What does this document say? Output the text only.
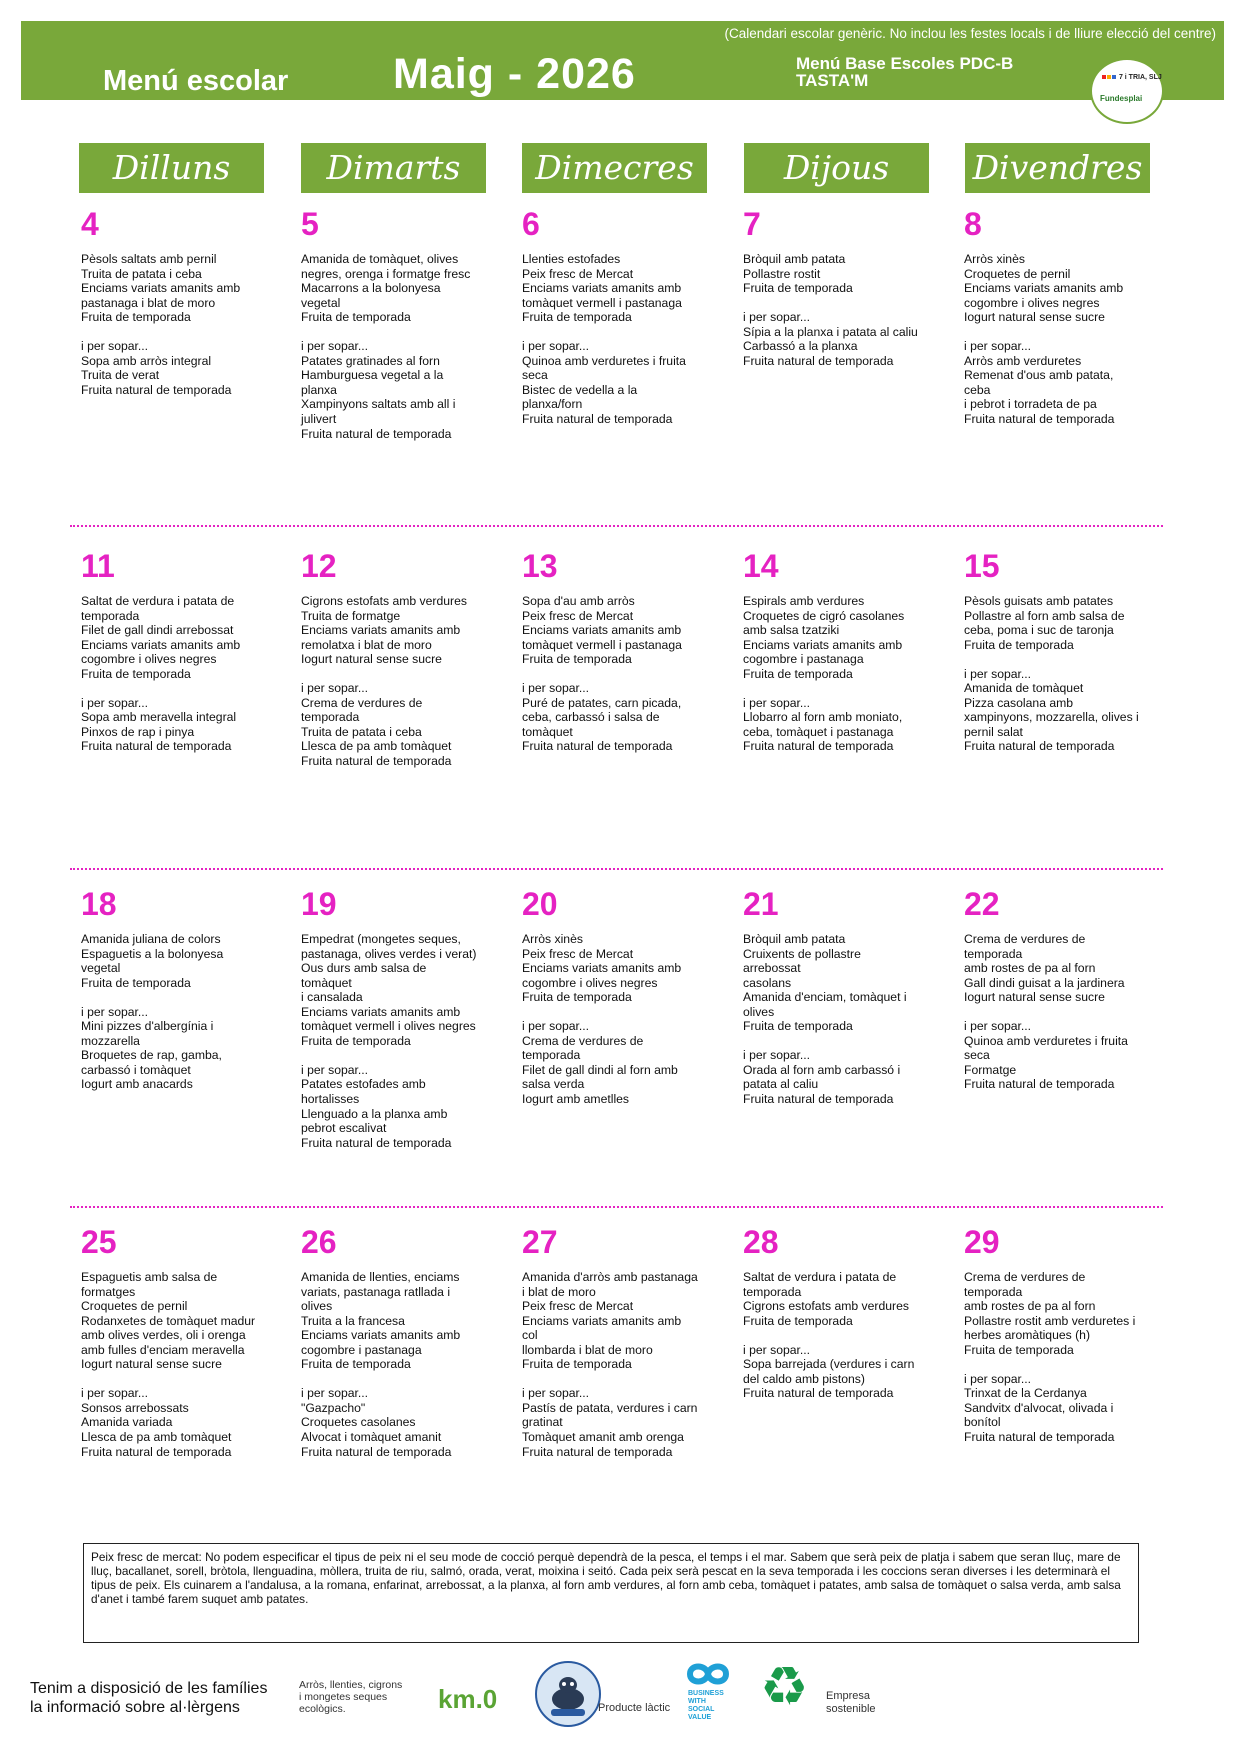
(Calendari escolar genèric. No inclou les festes locals i de lliure elecció del centre)
Menú escolar Maig - 2026	Menú Base Escoles PDC-B
TASTA'M	7 i TRIA, SLJ
Fundesplai
Dilluns	Dimarts	Dimecres	Dijous	Divendres
4
Pèsols saltats amb pernil
Truita de patata i ceba
Enciams variats amanits amb
pastanaga i blat de moro
Fruita de temporada
i per sopar...
Sopa amb arròs integral
Truita de verat
Fruita natural de temporada
5
Amanida de tomàquet, olives
negres, orenga i formatge fresc
Macarrons a la bolonyesa
vegetal
Fruita de temporada
i per sopar...
Patates gratinades al forn
Hamburguesa vegetal a la
planxa
Xampinyons saltats amb all i
julivert
Fruita natural de temporada
6
Llenties estofades
Peix fresc de Mercat
Enciams variats amanits amb
tomàquet vermell i pastanaga
Fruita de temporada
i per sopar...
Quinoa amb verduretes i fruita
seca
Bistec de vedella a la planxa/forn
Fruita natural de temporada
7
Bròquil amb patata
Pollastre rostit
Fruita de temporada
i per sopar...
Sípia a la planxa i patata al caliu
Carbassó a la planxa
Fruita natural de temporada
8
Arròs xinès
Croquetes de pernil
Enciams variats amanits amb
cogombre i olives negres
Iogurt natural sense sucre
i per sopar...
Arròs amb verduretes
Remenat d'ous amb patata, ceba
i pebrot i torradeta de pa
Fruita natural de temporada
11
Saltat de verdura i patata de
temporada
Filet de gall dindi arrebossat
Enciams variats amanits amb
cogombre i olives negres
Fruita de temporada
i per sopar...
Sopa amb meravella integral
Pinxos de rap i pinya
Fruita natural de temporada
12
Cigrons estofats amb verdures
Truita de formatge
Enciams variats amanits amb
remolatxa i blat de moro
Iogurt natural sense sucre
i per sopar...
Crema de verdures de
temporada
Truita de patata i ceba
Llesca de pa amb tomàquet
Fruita natural de temporada
13
Sopa d'au amb arròs
Peix fresc de Mercat
Enciams variats amanits amb
tomàquet vermell i pastanaga
Fruita de temporada
i per sopar...
Puré de patates, carn picada,
ceba, carbassó i salsa de
tomàquet
Fruita natural de temporada
14
Espirals amb verdures
Croquetes de cigró casolanes
amb salsa tzatziki
Enciams variats amanits amb
cogombre i pastanaga
Fruita de temporada
i per sopar...
Llobarro al forn amb moniato,
ceba, tomàquet i pastanaga
Fruita natural de temporada
15
Pèsols guisats amb patates
Pollastre al forn amb salsa de
ceba, poma i suc de taronja
Fruita de temporada
i per sopar...
Amanida de tomàquet
Pizza casolana amb
xampinyons, mozzarella, olives i
pernil salat
Fruita natural de temporada
18
Amanida juliana de colors
Espaguetis a la bolonyesa
vegetal
Fruita de temporada
i per sopar...
Mini pizzes d'albergínia i
mozzarella
Broquetes de rap, gamba,
carbassó i tomàquet
Iogurt amb anacards
19
Empedrat (mongetes seques,
pastanaga, olives verdes i verat)
Ous durs amb salsa de tomàquet
i cansalada
Enciams variats amanits amb
tomàquet vermell i olives negres
Fruita de temporada
i per sopar...
Patates estofades amb
hortalisses
Llenguado a la planxa amb
pebrot escalivat
Fruita natural de temporada
20
Arròs xinès
Peix fresc de Mercat
Enciams variats amanits amb
cogombre i olives negres
Fruita de temporada
i per sopar...
Crema de verdures de
temporada
Filet de gall dindi al forn amb
salsa verda
Iogurt amb ametlles
21
Bròquil amb patata
Cruixents de pollastre arrebossat
casolans
Amanida d'enciam, tomàquet i
olives
Fruita de temporada
i per sopar...
Orada al forn amb carbassó i
patata al caliu
Fruita natural de temporada
22
Crema de verdures de
temporada
amb rostes de pa al forn
Gall dindi guisat a la jardinera
Iogurt natural sense sucre
i per sopar...
Quinoa amb verduretes i fruita
seca
Formatge
Fruita natural de temporada
25
Espaguetis amb salsa de
formatges
Croquetes de pernil
Rodanxetes de tomàquet madur
amb olives verdes, oli i orenga
amb fulles d'enciam meravella
Iogurt natural sense sucre
i per sopar...
Sonsos arrebossats
Amanida variada
Llesca de pa amb tomàquet
Fruita natural de temporada
26
Amanida de llenties, enciams
variats, pastanaga ratllada i
olives
Truita a la francesa
Enciams variats amanits amb
cogombre i pastanaga
Fruita de temporada
i per sopar...
"Gazpacho"
Croquetes casolanes
Alvocat i tomàquet amanit
Fruita natural de temporada
27
Amanida d'arròs amb pastanaga
i blat de moro
Peix fresc de Mercat
Enciams variats amanits amb col
llombarda i blat de moro
Fruita de temporada
i per sopar...
Pastís de patata, verdures i carn
gratinat
Tomàquet amanit amb orenga
Fruita natural de temporada
28
Saltat de verdura i patata de
temporada
Cigrons estofats amb verdures
Fruita de temporada
i per sopar...
Sopa barrejada (verdures i carn
del caldo amb pistons)
Fruita natural de temporada
29
Crema de verdures de
temporada
amb rostes de pa al forn
Pollastre rostit amb verduretes i
herbes aromàtiques (h)
Fruita de temporada
i per sopar...
Trinxat de la Cerdanya
Sandvitx d'alvocat, olivada i
bonítol
Fruita natural de temporada
Peix fresc de mercat: No podem especificar el tipus de peix ni el seu mode de cocció perquè dependrà de la pesca, el temps i el mar. Sabem que serà peix de platja i sabem que seran lluç, mare de lluç, bacallanet, sorell, bròtola, llenguadina, mòllera, truita de riu, salmó, orada, verat, moixina i seitó. Cada peix serà pescat en la seva temporada i les coccions seran diverses i les determinarà el tipus de peix. Els cuinarem a l'andalusa, a la romana, enfarinat, arrebossat, a la planxa, al forn amb verdures, al forn amb ceba, tomàquet i patates, amb salsa de tomàquet o salsa verda, amb salsa d'anet i també farem suquet amb patates.
Tenim a disposició de les famílies
la informació sobre al·lèrgens
Arròs, llenties, cigrons
i mongetes seques
ecològics.	km.0	Producte làctic
BUSINESS
WITH
SOCIAL
VALUE
♻ Empresa
sostenible
